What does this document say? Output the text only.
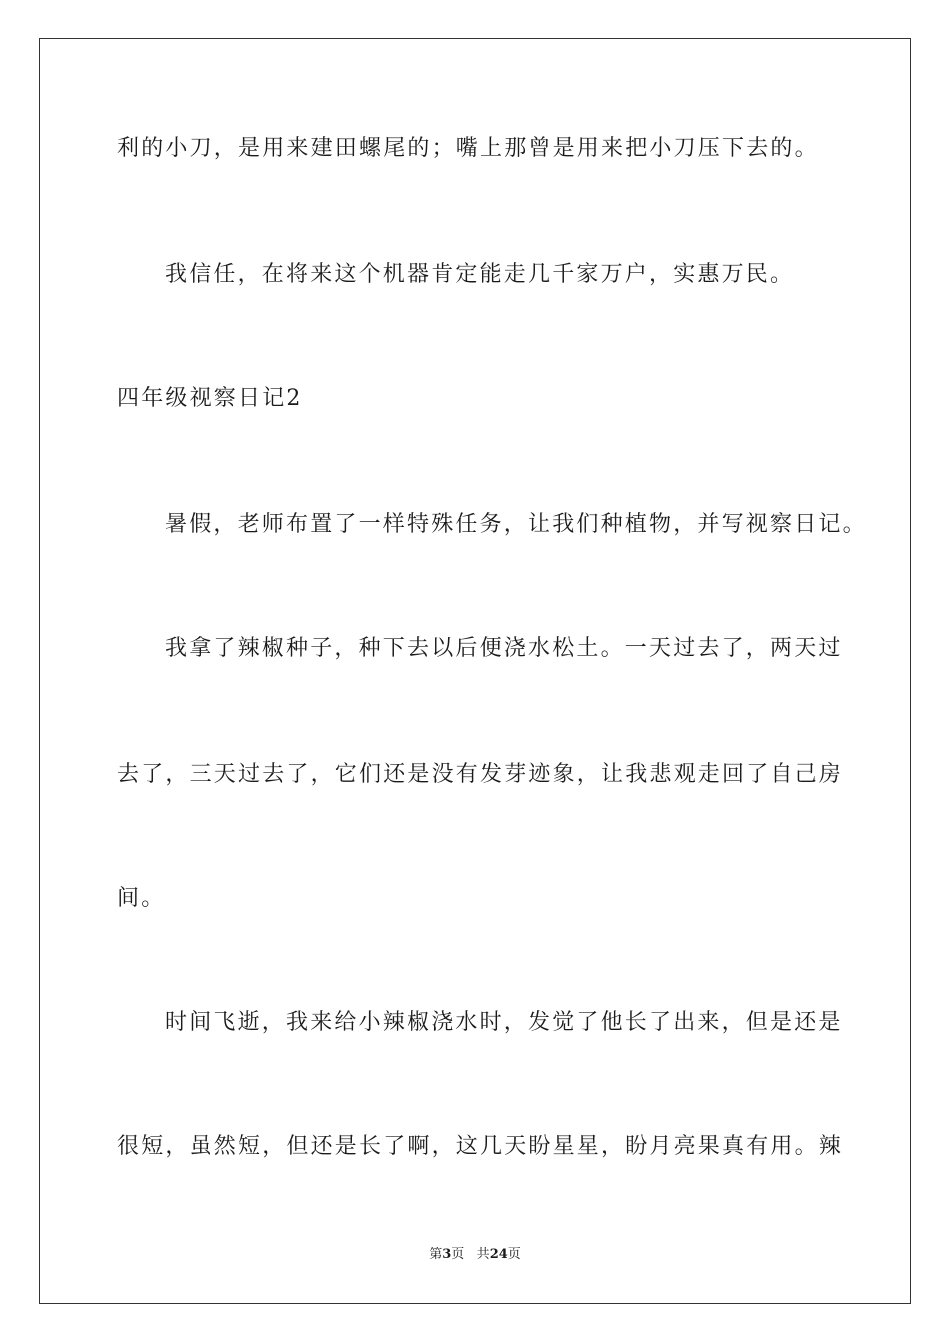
利的小刀，是用来建田螺尾的；嘴上那曾是用来把小刀压下去的。
我信任，在将来这个机器肯定能走几千家万户，实惠万民。
四年级视察日记2
暑假，老师布置了一样特殊任务，让我们种植物，并写视察日记。
我拿了辣椒种子，种下去以后便浇水松土。一天过去了，两天过
去了，三天过去了，它们还是没有发芽迹象，让我悲观走回了自己房
间。
时间飞逝，我来给小辣椒浇水时，发觉了他长了出来，但是还是
很短，虽然短，但还是长了啊，这几天盼星星，盼月亮果真有用。辣
第3页 共24页
